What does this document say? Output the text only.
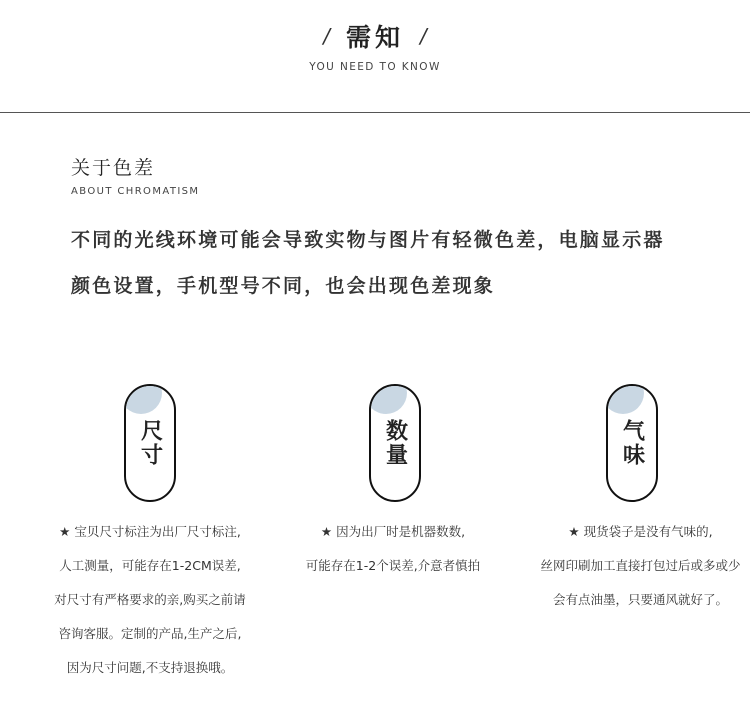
/ 需知 /
YOU NEED TO KNOW
关于色差
ABOUT CHROMATISM
不同的光线环境可能会导致实物与图片有轻微色差，电脑显示器
颜色设置，手机型号不同，也会出现色差现象
尺寸	数量	气味
★ 宝贝尺寸标注为出厂尺寸标注,
人工测量，可能存在1-2CM误差,
对尺寸有严格要求的亲,购买之前请
咨询客服。定制的产品,生产之后,
因为尺寸问题,不支持退换哦。
★ 因为出厂时是机器数数,
可能存在1-2个误差,介意者慎拍
★ 现货袋子是没有气味的,
丝网印刷加工直接打包过后或多或少
会有点油墨，只要通风就好了。
